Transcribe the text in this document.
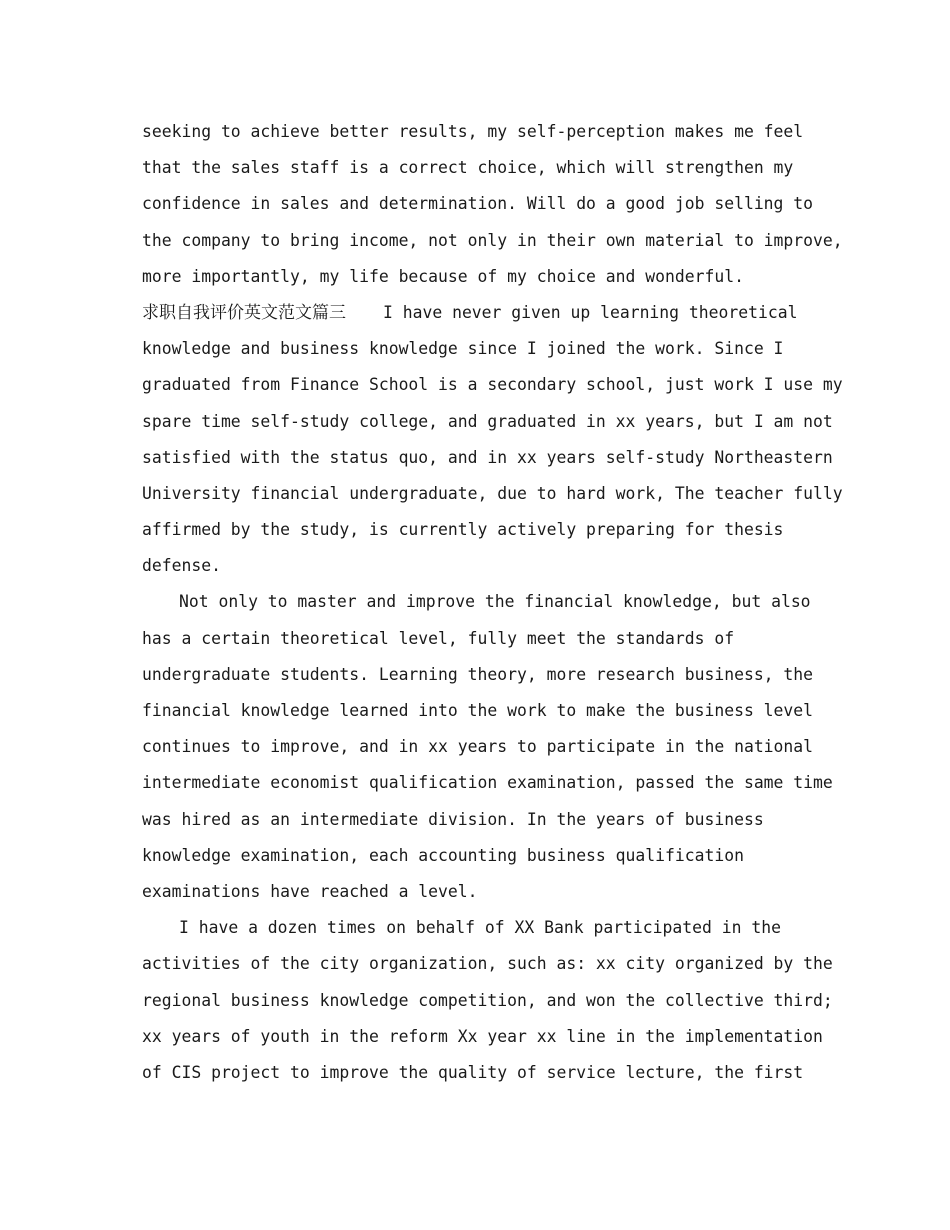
seeking to achieve better results, my self-perception makes me feel
that the sales staff is a correct choice, which will strengthen my
confidence in sales and determination. Will do a good job selling to
the company to bring income, not only in their own material to improve,
more importantly, my life because of my choice and wonderful.
求职自我评价英文范文篇三 I have never given up learning theoretical
knowledge and business knowledge since I joined the work. Since I
graduated from Finance School is a secondary school, just work I use my
spare time self-study college, and graduated in xx years, but I am not
satisfied with the status quo, and in xx years self-study Northeastern
University financial undergraduate, due to hard work, The teacher fully
affirmed by the study, is currently actively preparing for thesis
defense.
Not only to master and improve the financial knowledge, but also
has a certain theoretical level, fully meet the standards of
undergraduate students. Learning theory, more research business, the
financial knowledge learned into the work to make the business level
continues to improve, and in xx years to participate in the national
intermediate economist qualification examination, passed the same time
was hired as an intermediate division. In the years of business
knowledge examination, each accounting business qualification
examinations have reached a level.
I have a dozen times on behalf of XX Bank participated in the
activities of the city organization, such as: xx city organized by the
regional business knowledge competition, and won the collective third;
xx years of youth in the reform Xx year xx line in the implementation
of CIS project to improve the quality of service lecture, the first
